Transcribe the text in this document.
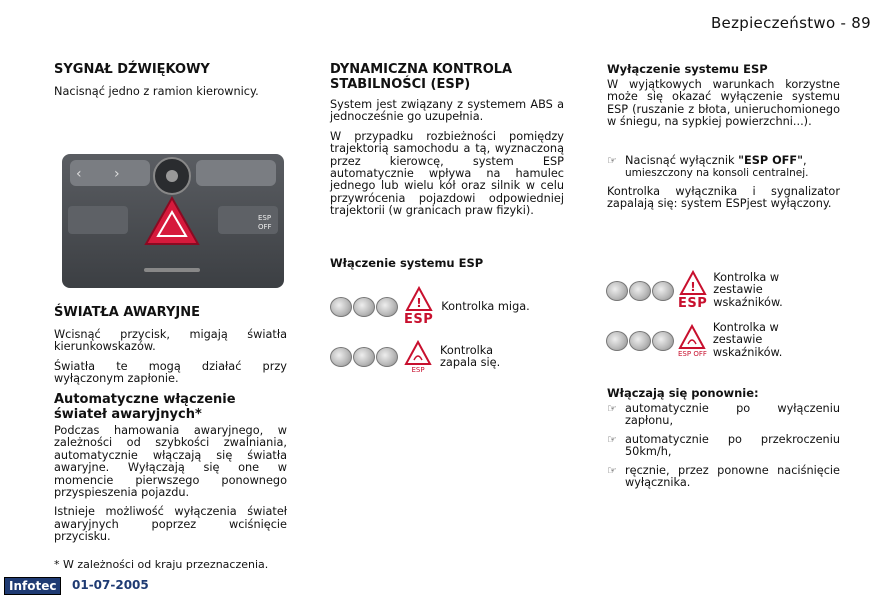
Bezpieczeństwo - 89
SYGNAŁ DŹWIĘKOWY
Nacisnąć jedno z ramion kierownicy.
‹ ›
ESP
OFF
ŚWIATŁA AWARYJNE
Wcisnąć przycisk, migają światła kierunkowskazów.
Światła te mogą działać przy wyłączonym zapłonie.
Automatyczne włączenie świateł awaryjnych*
Podczas hamowania awaryjnego, w zależności od szybkości zwalniania, automatycznie włączają się światła awaryjne. Wyłączają się one w momencie pierwszego ponownego przyspieszenia pojazdu.
Istnieje możliwość wyłączenia świateł awaryjnych poprzez wciśnięcie przycisku.
* W zależności od kraju przeznaczenia.
DYNAMICZNA KONTROLA STABILNOŚCI (ESP)
System jest związany z systemem ABS a jednocześnie go uzupełnia.
W przypadku rozbieżności pomiędzy trajektorią samochodu a tą, wyznaczoną przez kierowcę, system ESP automatycznie wpływa na hamulec jednego lub wielu kół oraz silnik w celu przywrócenia pojazdowi odpowiedniej trajektorii (w granicach praw fizyki).
Włączenie systemu ESP
!
ESP
Kontrolka miga.
ESP
Kontrolka zapala się.
Wyłączenie systemu ESP
W wyjątkowych warunkach korzystne może się okazać wyłączenie systemu ESP (ruszanie z błota, unieruchomionego w śniegu, na sypkiej powierzchni...).
☞ Nacisnąć wyłącznik "ESP OFF",
umieszczony na konsoli centralnej.
Kontrolka wyłącznika i sygnalizator zapalają się: system ESPjest wyłączony.
!
ESP
Kontrolka w zestawie wskaźników.
ESP OFF
Kontrolka w zestawie wskaźników.
Włączają się ponownie:
☞ automatycznie po wyłączeniu zapłonu,
☞ automatycznie po przekroczeniu 50km/h,
☞ ręcznie, przez ponowne naciśnięcie wyłącznika.
Infotec	01-07-2005
